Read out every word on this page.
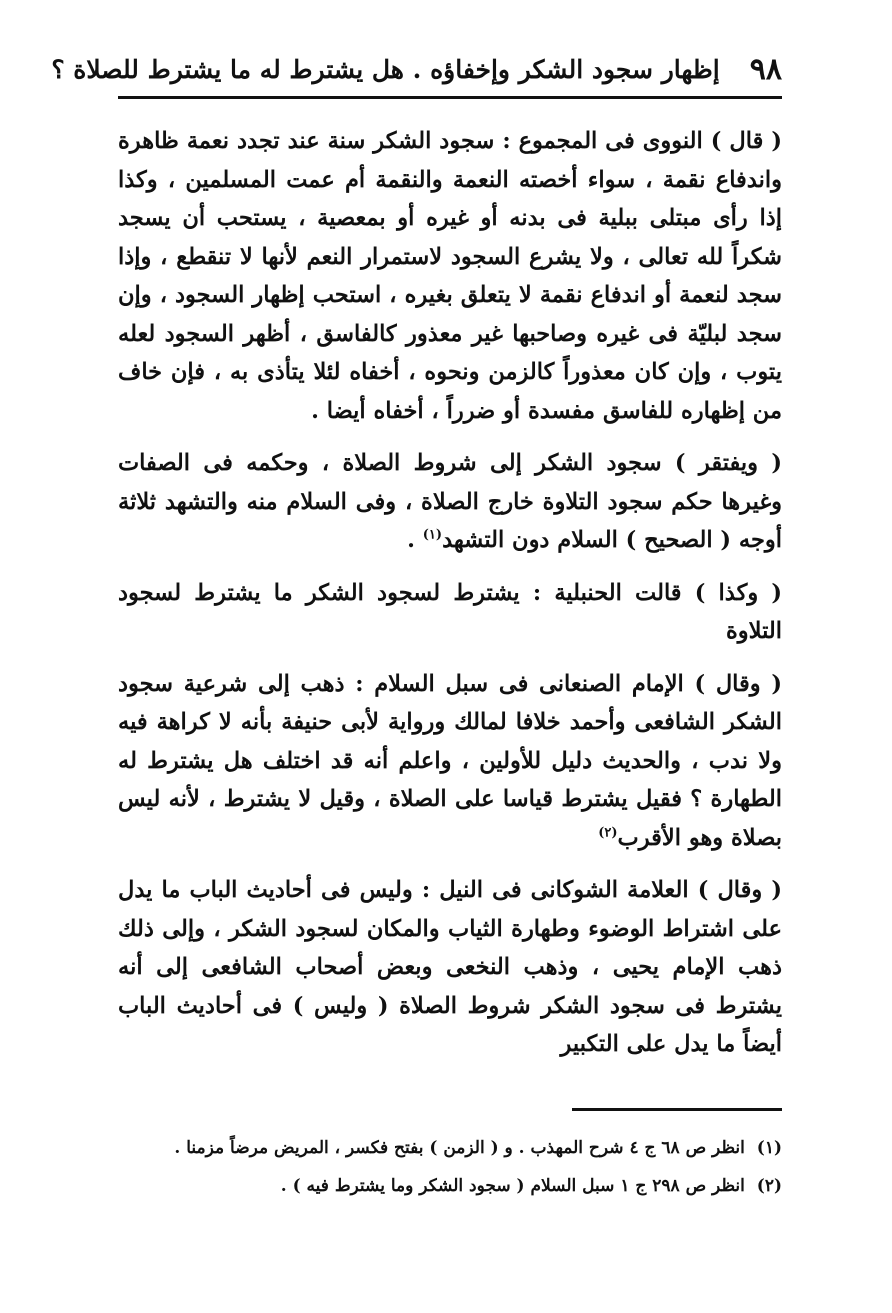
٩٨
إظهار سجود الشكر وإخفاؤه . هل يشترط له ما يشترط للصلاة ؟

( قال ) النووى فى المجموع : سجود الشكر سنة عند تجدد نعمة ظاهرة واندفاع نقمة ، سواء أخصته النعمة والنقمة أم عمت المسلمين ، وكذا إذا رأى مبتلى ببلية فى بدنه أو غيره أو بمعصية ، يستحب أن يسجد شكراً لله تعالى ، ولا يشرع السجود لاستمرار النعم لأنها لا تنقطع ، وإذا سجد لنعمة أو اندفاع نقمة لا يتعلق بغيره ، استحب إظهار السجود ، وإن سجد لبليّة فى غيره وصاحبها غير معذور كالفاسق ، أظهر السجود لعله يتوب ، وإن كان معذوراً كالزمن ونحوه ، أخفاه لئلا يتأذى به ، فإن خاف من إظهاره للفاسق مفسدة أو ضرراً ، أخفاه أيضا .

( ويفتقر ) سجود الشكر إلى شروط الصلاة ، وحكمه فى الصفات وغيرها حكم سجود التلاوة خارج الصلاة ، وفى السلام منه والتشهد ثلاثة أوجه ( الصحيح ) السلام دون التشهد$^{(١)}$ .

( وكذا ) قالت الحنبلية : يشترط لسجود الشكر ما يشترط لسجود التلاوة

( وقال ) الإمام الصنعانى فى سبل السلام : ذهب إلى شرعية سجود الشكر الشافعى وأحمد خلافا لمالك ورواية لأبى حنيفة بأنه لا كراهة فيه ولا ندب ، والحديث دليل للأولين ، واعلم أنه قد اختلف هل يشترط له الطهارة ؟ فقيل يشترط قياسا على الصلاة ، وقيل لا يشترط ، لأنه ليس بصلاة وهو الأقرب$^{(٢)}$

( وقال ) العلامة الشوكانى فى النيل : وليس فى أحاديث الباب ما يدل على اشتراط الوضوء وطهارة الثياب والمكان لسجود الشكر ، وإلى ذلك ذهب الإمام يحيى ، وذهب النخعى وبعض أصحاب الشافعى إلى أنه يشترط فى سجود الشكر شروط الصلاة ( وليس ) فى أحاديث الباب أيضاً ما يدل على التكبير

(١) انظر ص ٦٨ ج ٤ شرح المهذب . و ( الزمن ) بفتح فكسر ، المريض مرضاً مزمنا .

(٢) انظر ص ٢٩٨ ج ١ سبل السلام ( سجود الشكر وما يشترط فيه ) .
